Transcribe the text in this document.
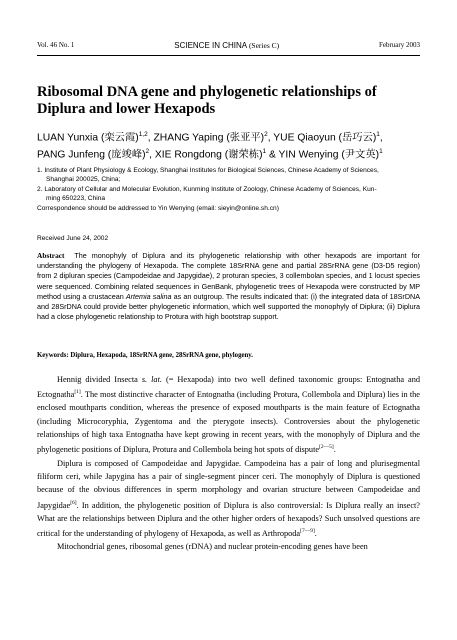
Vol. 46 No. 1	SCIENCE IN CHINA (Series C)	February 2003
Ribosomal DNA gene and phylogenetic relationships of Diplura and lower Hexapods
LUAN Yunxia (栾云霞)$^{1,2}$, ZHANG Yaping (张亚平)$^2$, YUE Qiaoyun (岳巧云)$^1$,
PANG Junfeng (庞竣峰)$^2$, XIE Rongdong (谢荣栋)$^1$ & YIN Wenying (尹文英)$^1$

1. Institute of Plant Physiology & Ecology, Shanghai Institutes for Biological Sciences, Chinese Academy of Sciences,

Shanghai 200025, China;

2. Laboratory of Cellular and Molecular Evolution, Kunming Institute of Zoology, Chinese Academy of Sciences, Kun-

ming 650223, China

Correspondence should be addressed to Yin Wenying (email: sieyin@online.sh.cn)

Received June 24, 2002
Abstract The monophyly of Diplura and its phylogenetic relationship with other hexapods are important for understanding the phylogeny of Hexapoda. The complete 18SrRNA gene and partial 28SrRNA gene (D3-D5 region) from 2 dipluran species (Campodeidae and Japygidae), 2 proturan species, 3 collembolan species, and 1 locust species were sequenced. Combining related sequences in GenBank, phylogenetic trees of Hexapoda were constructed by MP method using a crustacean Artemia salina as an outgroup. The results indicated that: (i) the integrated data of 18SrDNA and 28SrDNA could provide better phylogenetic information, which well supported the monophyly of Diplura; (ii) Diplura had a close phylogenetic relationship to Protura with high bootstrap support.
Keywords: Diplura, Hexapoda, 18SrRNA gene, 28SrRNA gene, phylogeny.

Hennig divided Insecta s. lat. (= Hexapoda) into two well defined taxonomic groups: Entognatha and Ectognatha[1]. The most distinctive character of Entognatha (including Protura, Collembola and Diplura) lies in the enclosed mouthparts condition, whereas the presence of exposed mouthparts is the main feature of Ectognatha (including Microcoryphia, Zygentoma and the pterygote insects). Controversies about the phylogenetic relationships of high taxa Entognatha have kept growing in recent years, with the monophyly of Diplura and the phylogenetic positions of Diplura, Protura and Collembola being hot spots of dispute[2—5].

Diplura is composed of Campodeidae and Japygidae. Campodeina has a pair of long and plurisegmental filiform ceri, while Japygina has a pair of single-segment pincer ceri. The monophyly of Diplura is questioned because of the obvious differences in sperm morphology and ovarian structure between Campodeidae and Japygidae[6]. In addition, the phylogenetic position of Diplura is also controversial: Is Diplura really an insect? What are the relationships between Diplura and the other higher orders of hexapods? Such unsolved questions are critical for the understanding of phylogeny of Hexapoda, as well as Arthropoda[7—9].

Mitochondrial genes, ribosomal genes (rDNA) and nuclear protein-encoding genes have been
